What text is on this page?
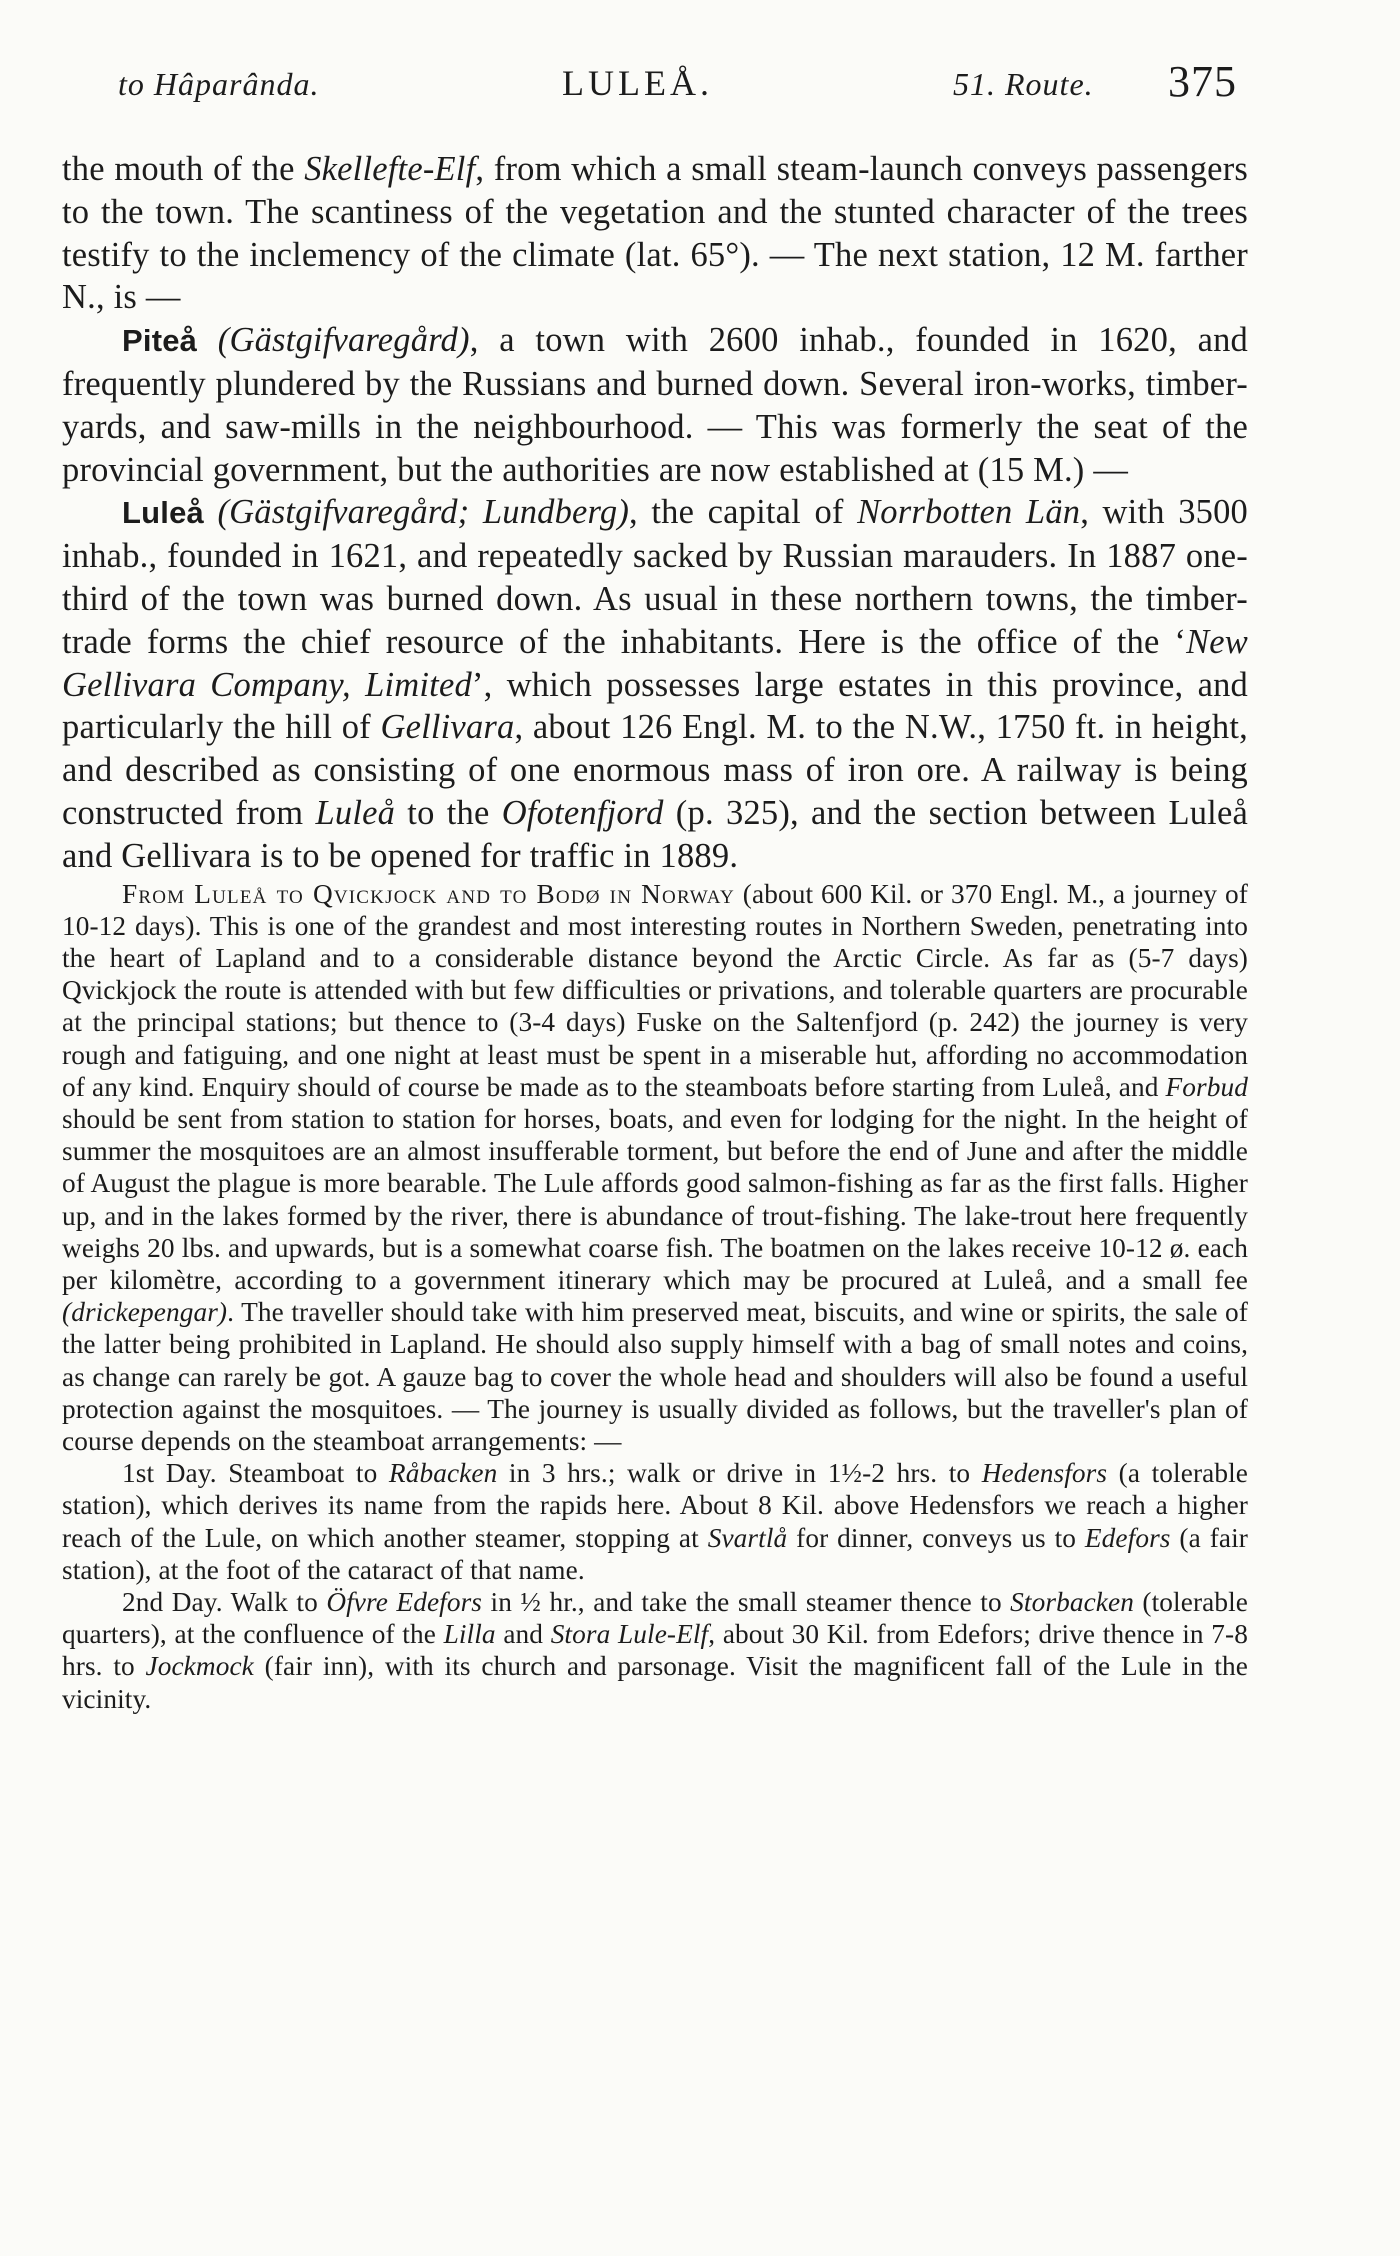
to Hâparânda.	LULEÅ.	51. Route. 375

the mouth of the Skellefte-Elf, from which a small steam-launch conveys passengers to the town. The scantiness of the vegetation and the stunted character of the trees testify to the inclemency of the climate (lat. 65°). — The next station, 12 M. farther N., is —

Piteå (Gästgifvaregård), a town with 2600 inhab., founded in 1620, and frequently plundered by the Russians and burned down. Several iron-works, timber-yards, and saw-mills in the neighbourhood. — This was formerly the seat of the provincial government, but the authorities are now established at (15 M.) —

Luleå (Gästgifvaregård; Lundberg), the capital of Norrbotten Län, with 3500 inhab., founded in 1621, and repeatedly sacked by Russian marauders. In 1887 one-third of the town was burned down. As usual in these northern towns, the timber-trade forms the chief resource of the inhabitants. Here is the office of the ‘New Gellivara Company, Limited’, which possesses large estates in this province, and particularly the hill of Gellivara, about 126 Engl. M. to the N.W., 1750 ft. in height, and described as consisting of one enormous mass of iron ore. A railway is being constructed from Luleå to the Ofotenfjord (p. 325), and the section between Luleå and Gellivara is to be opened for traffic in 1889.

From Luleå to Qvickjock and to Bodø in Norway (about 600 Kil. or 370 Engl. M., a journey of 10-12 days). This is one of the grandest and most interesting routes in Northern Sweden, penetrating into the heart of Lapland and to a considerable distance beyond the Arctic Circle. As far as (5-7 days) Qvickjock the route is attended with but few difficulties or privations, and tolerable quarters are procurable at the principal stations; but thence to (3-4 days) Fuske on the Saltenfjord (p. 242) the journey is very rough and fatiguing, and one night at least must be spent in a miserable hut, affording no accommodation of any kind. Enquiry should of course be made as to the steamboats before starting from Luleå, and Forbud should be sent from station to station for horses, boats, and even for lodging for the night. In the height of summer the mosquitoes are an almost insufferable torment, but before the end of June and after the middle of August the plague is more bearable. The Lule affords good salmon-fishing as far as the first falls. Higher up, and in the lakes formed by the river, there is abundance of trout-fishing. The lake-trout here frequently weighs 20 lbs. and upwards, but is a somewhat coarse fish. The boatmen on the lakes receive 10-12 ø. each per kilomètre, according to a government itinerary which may be procured at Luleå, and a small fee (drickepengar). The traveller should take with him preserved meat, biscuits, and wine or spirits, the sale of the latter being prohibited in Lapland. He should also supply himself with a bag of small notes and coins, as change can rarely be got. A gauze bag to cover the whole head and shoulders will also be found a useful protection against the mosquitoes. — The journey is usually divided as follows, but the traveller's plan of course depends on the steamboat arrangements: —

1st Day. Steamboat to Råbacken in 3 hrs.; walk or drive in 1½-2 hrs. to Hedensfors (a tolerable station), which derives its name from the rapids here. About 8 Kil. above Hedensfors we reach a higher reach of the Lule, on which another steamer, stopping at Svartlå for dinner, conveys us to Edefors (a fair station), at the foot of the cataract of that name.

2nd Day. Walk to Öfvre Edefors in ½ hr., and take the small steamer thence to Storbacken (tolerable quarters), at the confluence of the Lilla and Stora Lule-Elf, about 30 Kil. from Edefors; drive thence in 7-8 hrs. to Jockmock (fair inn), with its church and parsonage. Visit the magnificent fall of the Lule in the vicinity.
